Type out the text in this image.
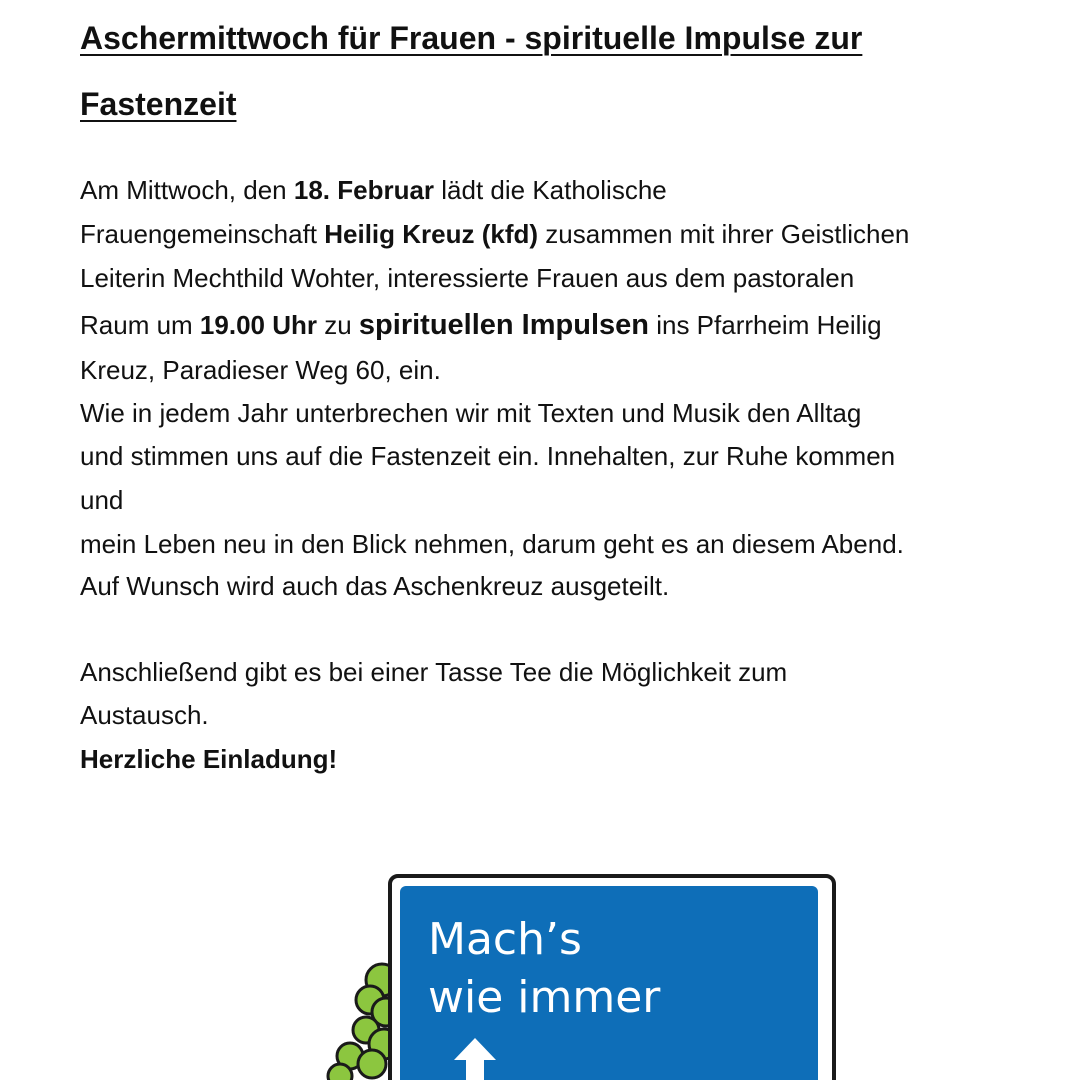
Aschermittwoch für Frauen - spirituelle Impulse zur
Fastenzeit

Am Mittwoch, den 18. Februar lädt die Katholische

Frauengemeinschaft Heilig Kreuz (kfd) zusammen mit ihrer Geistlichen

Leiterin Mechthild Wohter, interessierte Frauen aus dem pastoralen

Raum um 19.00 Uhr zu spirituellen Impulsen ins Pfarrheim Heilig

Kreuz, Paradieser Weg 60, ein.

Wie in jedem Jahr unterbrechen wir mit Texten und Musik den Alltag

und stimmen uns auf die Fastenzeit ein. Innehalten, zur Ruhe kommen

und

mein Leben neu in den Blick nehmen, darum geht es an diesem Abend.

Auf Wunsch wird auch das Aschenkreuz ausgeteilt.

Anschließend gibt es bei einer Tasse Tee die Möglichkeit zum

Austausch.

Herzliche Einladung!

Mach’s
wie immer
